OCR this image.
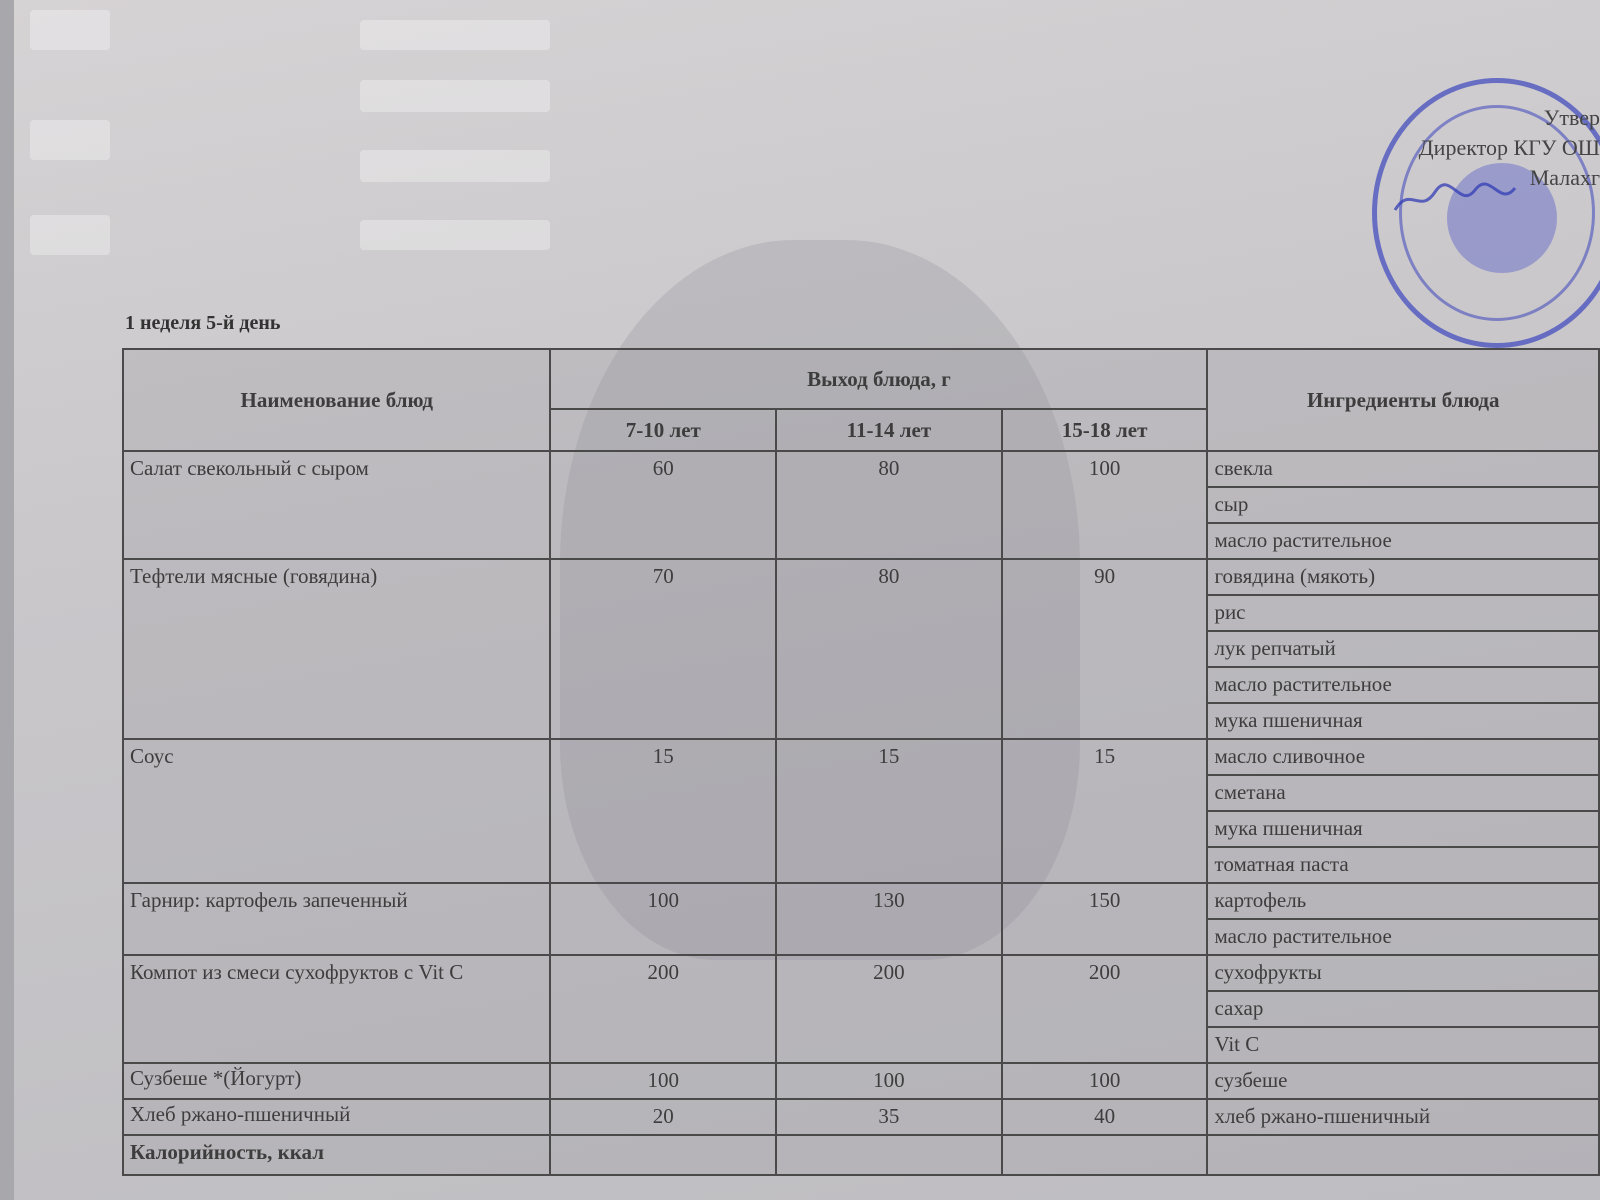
Утвер
Директор КГУ ОШ
Малахг
1 неделя 5-й день
Наименование блюд	Выход блюда, г			Ингредиенты блюда
	7-10 лет	11-14 лет	15-18 лет	
Салат свекольный с сыром	60	80	100	свекла
				сыр
				масло растительное
Тефтели мясные (говядина)	70	80	90	говядина (мякоть)
				рис
				лук репчатый
				масло растительное
				мука пшеничная
Соус	15	15	15	масло сливочное
				сметана
				мука пшеничная
				томатная паста
Гарнир: картофель запеченный	100	130	150	картофель
				масло растительное
Компот из смеси сухофруктов с Vit C	200	200	200	сухофрукты
				сахар
				Vit C
Сузбеше *(Йогурт)	100	100	100	сузбеше
Хлеб ржано-пшеничный	20	35	40	хлеб ржано-пшеничный
Калорийность, ккал				
